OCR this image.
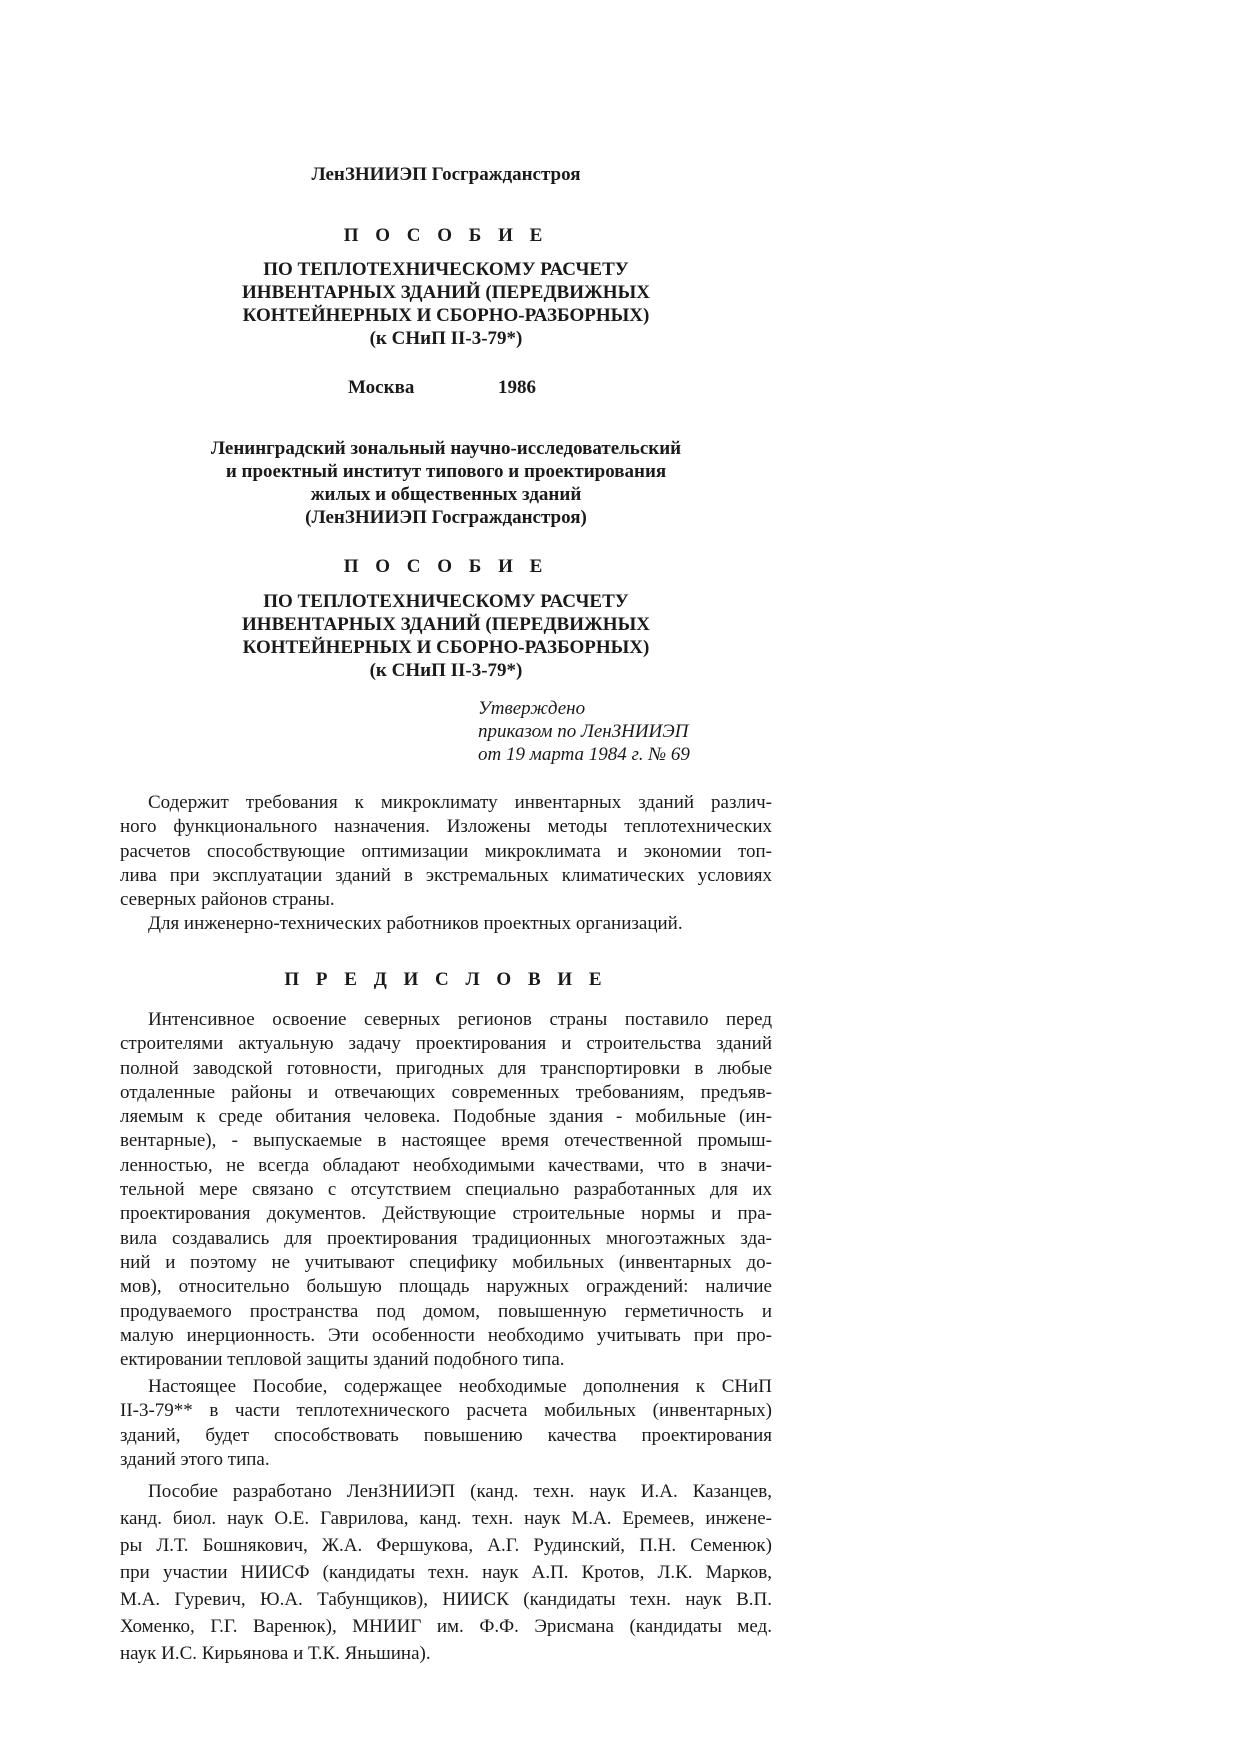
ЛенЗНИИЭП Госгражданстроя
П О С О Б И Е
ПО ТЕПЛОТЕХНИЧЕСКОМУ РАСЧЕТУ
ИНВЕНТАРНЫХ ЗДАНИЙ (ПЕРЕДВИЖНЫХ
КОНТЕЙНЕРНЫХ И СБОРНО-РАЗБОРНЫХ)
(к СНиП II-3-79*)
Москва	1986
Ленинградский зональный научно-исследовательский
и проектный институт типового и проектирования
жилых и общественных зданий
(ЛенЗНИИЭП Госгражданстроя)
П О С О Б И Е
ПО ТЕПЛОТЕХНИЧЕСКОМУ РАСЧЕТУ
ИНВЕНТАРНЫХ ЗДАНИЙ (ПЕРЕДВИЖНЫХ
КОНТЕЙНЕРНЫХ И СБОРНО-РАЗБОРНЫХ)
(к СНиП II-3-79*)
Утверждено
приказом по ЛенЗНИИЭП
от 19 марта 1984 г. № 69
Содержит требования к микроклимату инвентарных зданий различ-
ного функционального назначения. Изложены методы теплотехнических
расчетов способствующие оптимизации микроклимата и экономии топ-
лива при эксплуатации зданий в экстремальных климатических условиях
северных районов страны.
Для инженерно-технических работников проектных организаций.
П Р Е Д И С Л О В И Е
Интенсивное освоение северных регионов страны поставило перед
строителями актуальную задачу проектирования и строительства зданий
полной заводской готовности, пригодных для транспортировки в любые
отдаленные районы и отвечающих современных требованиям, предъяв-
ляемым к среде обитания человека. Подобные здания - мобильные (ин-
вентарные), - выпускаемые в настоящее время отечественной промыш-
ленностью, не всегда обладают необходимыми качествами, что в значи-
тельной мере связано с отсутствием специально разработанных для их
проектирования документов. Действующие строительные нормы и пра-
вила создавались для проектирования традиционных многоэтажных зда-
ний и поэтому не учитывают специфику мобильных (инвентарных до-
мов), относительно большую площадь наружных ограждений: наличие
продуваемого пространства под домом, повышенную герметичность и
малую инерционность. Эти особенности необходимо учитывать при про-
ектировании тепловой защиты зданий подобного типа.
Настоящее Пособие, содержащее необходимые дополнения к СНиП
II-3-79** в части теплотехнического расчета мобильных (инвентарных)
зданий, будет способствовать повышению качества проектирования
зданий этого типа.
Пособие разработано ЛенЗНИИЭП (канд. техн. наук И.А. Казанцев,
канд. биол. наук О.Е. Гаврилова, канд. техн. наук М.А. Еремеев, инжене-
ры Л.Т. Бошнякович, Ж.А. Фершукова, А.Г. Рудинский, П.Н. Семенюк)
при участии НИИСФ (кандидаты техн. наук А.П. Кротов, Л.К. Марков,
М.А. Гуревич, Ю.А. Табунщиков), НИИСК (кандидаты техн. наук В.П.
Хоменко, Г.Г. Варенюк), МНИИГ им. Ф.Ф. Эрисмана (кандидаты мед.
наук И.С. Кирьянова и Т.К. Яньшина).
